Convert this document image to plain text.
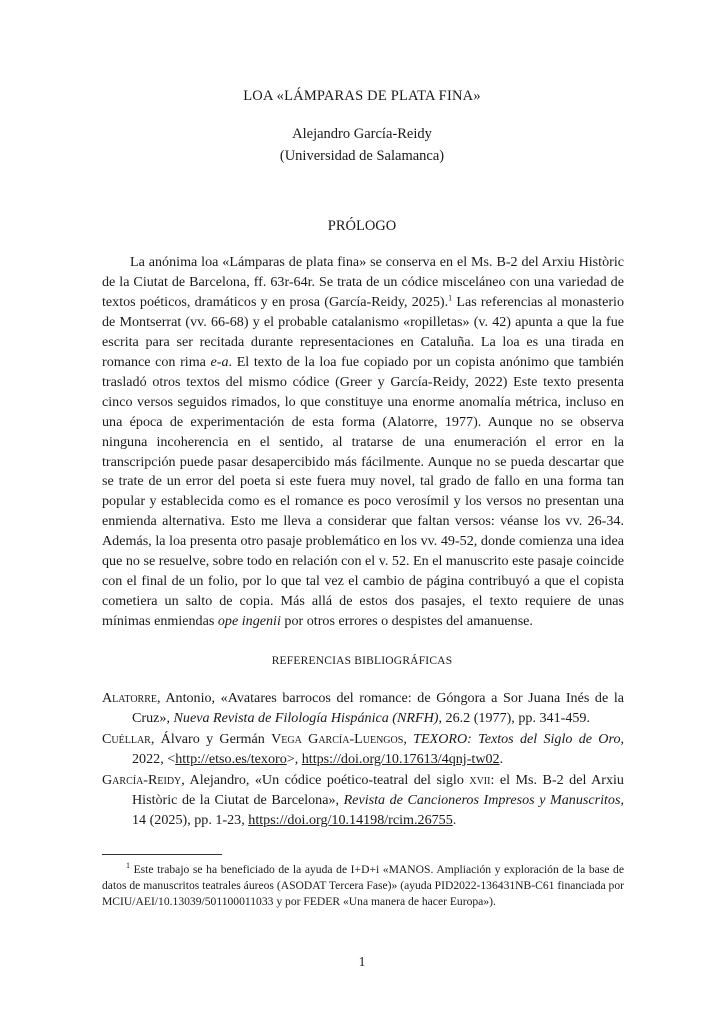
LOA «LÁMPARAS DE PLATA FINA»
Alejandro García-Reidy
(Universidad de Salamanca)
PRÓLOGO

La anónima loa «Lámparas de plata fina» se conserva en el Ms. B-2 del Arxiu Històric de la Ciutat de Barcelona, ff. 63r-64r. Se trata de un códice misceláneo con una variedad de textos poéticos, dramáticos y en prosa (García-Reidy, 2025).$^1$ Las referencias al monasterio de Montserrat (vv. 66-68) y el probable catalanismo «ropilletas» (v. 42) apunta a que la fue escrita para ser recitada durante representaciones en Cataluña. La loa es una tirada en romance con rima e-a. El texto de la loa fue copiado por un copista anónimo que también trasladó otros textos del mismo códice (Greer y García-Reidy, 2022) Este texto presenta cinco versos seguidos rimados, lo que constituye una enorme anomalía métrica, incluso en una época de experimentación de esta forma (Alatorre, 1977). Aunque no se observa ninguna incoherencia en el sentido, al tratarse de una enumeración el error en la transcripción puede pasar desapercibido más fácilmente. Aunque no se pueda descartar que se trate de un error del poeta si este fuera muy novel, tal grado de fallo en una forma tan popular y establecida como es el romance es poco verosímil y los versos no presentan una enmienda alternativa. Esto me lleva a considerar que faltan versos: véanse los vv. 26-34. Además, la loa presenta otro pasaje problemático en los vv. 49-52, donde comienza una idea que no se resuelve, sobre todo en relación con el v. 52. En el manuscrito este pasaje coincide con el final de un folio, por lo que tal vez el cambio de página contribuyó a que el copista cometiera un salto de copia. Más allá de estos dos pasajes, el texto requiere de unas mínimas enmiendas ope ingenii por otros errores o despistes del amanuense.

REFERENCIAS BIBLIOGRÁFICAS

Alatorre, Antonio, «Avatares barrocos del romance: de Góngora a Sor Juana Inés de la Cruz», Nueva Revista de Filología Hispánica (NRFH), 26.2 (1977), pp. 341-459.

Cuéllar, Álvaro y Germán Vega García-Luengos, TEXORO: Textos del Siglo de Oro, 2022, <http://etso.es/texoro>, https://doi.org/10.17613/4qnj-tw02.

García-Reidy, Alejandro, «Un códice poético-teatral del siglo xvii: el Ms. B-2 del Arxiu Històric de la Ciutat de Barcelona», Revista de Cancioneros Impresos y Manuscritos, 14 (2025), pp. 1-23, https://doi.org/10.14198/rcim.26755.

$^1$ Este trabajo se ha beneficiado de la ayuda de I+D+i «MANOS. Ampliación y exploración de la base de datos de manuscritos teatrales áureos (ASODAT Tercera Fase)» (ayuda PID2022-136431NB-C61 financiada por MCIU/AEI/10.13039/501100011033 y por FEDER «Una manera de hacer Europa»).

1
